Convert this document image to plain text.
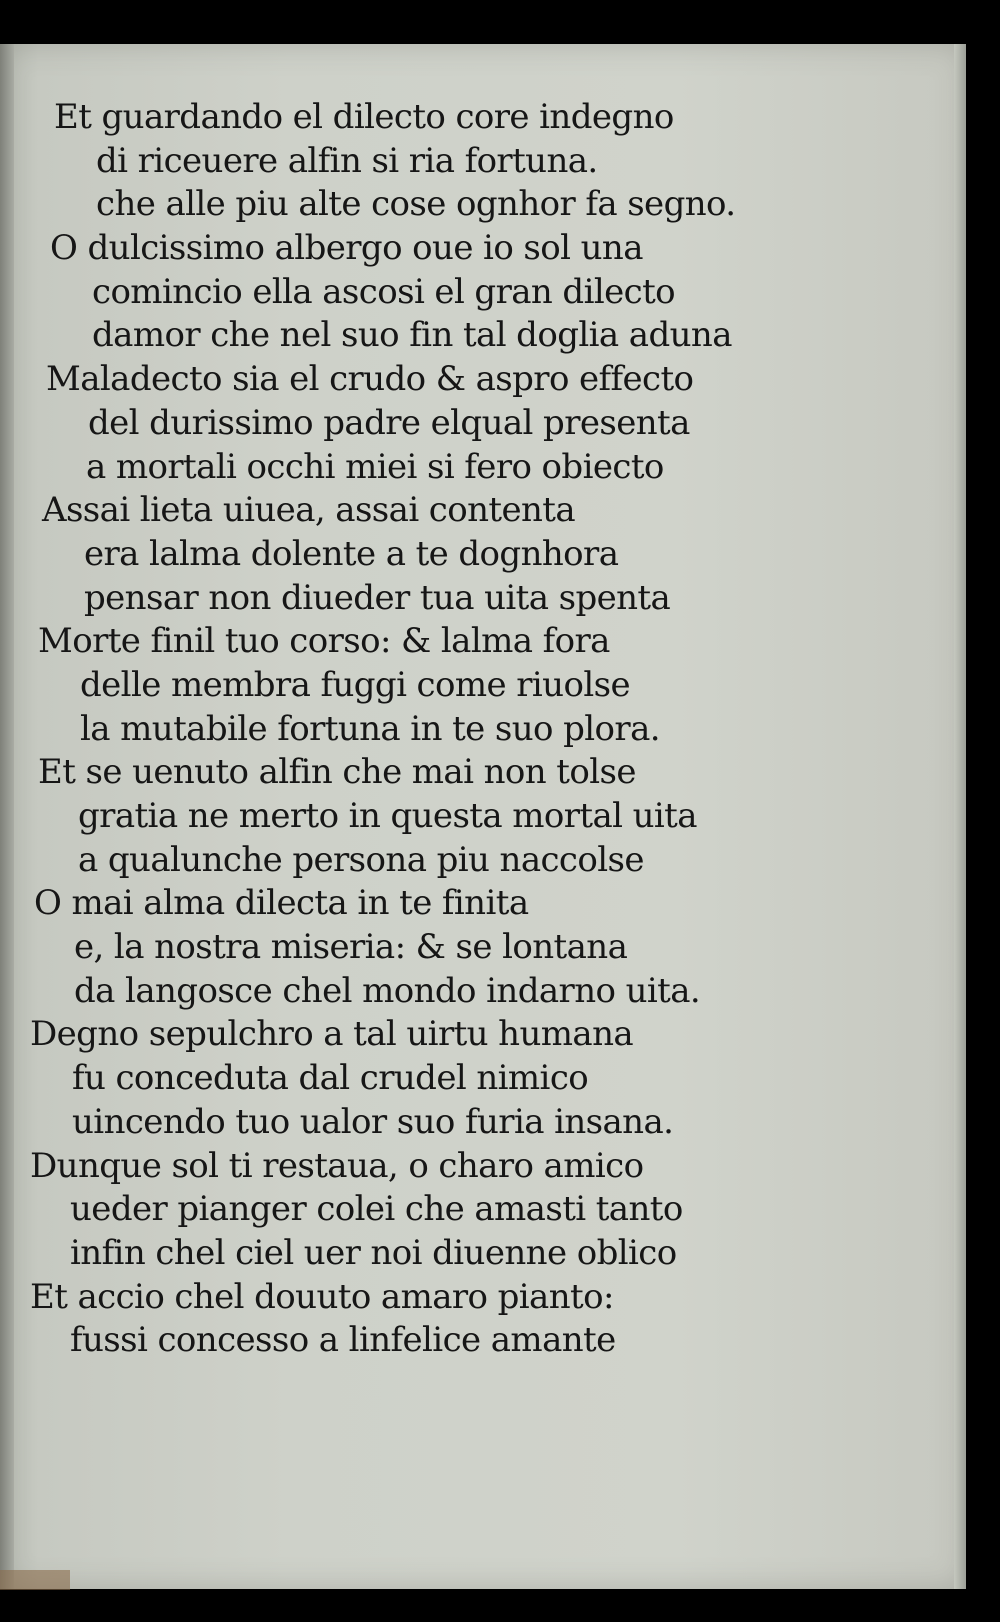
Et guardando el dilecto core indegno
di riceuere alfin si ria fortuna.
che alle piu alte cose ognhor fa segno.
O dulcissimo albergo oue io sol una
comincio ella ascosi el gran dilecto
damor che nel suo fin tal doglia aduna
Maladecto sia el crudo & aspro effecto
del durissimo padre elqual presenta
a mortali occhi miei si fero obiecto
Assai lieta uiuea, assai contenta
era lalma dolente a te dognhora
pensar non diueder tua uita spenta
Morte finil tuo corso: & lalma fora
delle membra fuggi come riuolse
la mutabile fortuna in te suo plora.
Et se uenuto alfin che mai non tolse
gratia ne merto in questa mortal uita
a qualunche persona piu naccolse
O mai alma dilecta in te finita
e, la nostra miseria: & se lontana
da langosce chel mondo indarno uita.
Degno sepulchro a tal uirtu humana
fu conceduta dal crudel nimico
uincendo tuo ualor suo furia insana.
Dunque sol ti restaua, o charo amico
ueder pianger colei che amasti tanto
infin chel ciel uer noi diuenne oblico
Et accio chel douuto amaro pianto:
fussi concesso a linfelice amante
